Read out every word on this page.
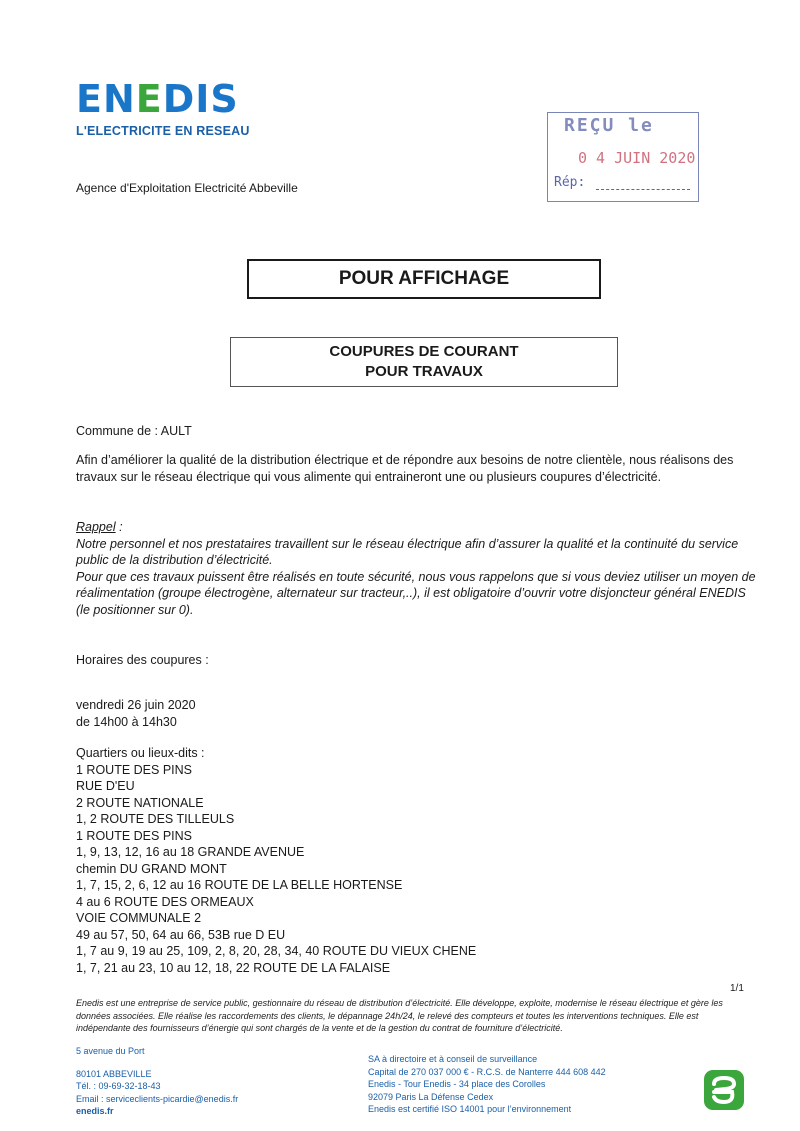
ENEDIS
L'ELECTRICITE EN RESEAU
Agence d'Exploitation Electricité Abbeville
REÇU le
0 4 JUIN 2020
Rép:
POUR AFFICHAGE
COUPURES DE COURANT
POUR TRAVAUX
Commune de : AULT
Afin d’améliorer la qualité de la distribution électrique et de répondre aux besoins de notre clientèle, nous réalisons des travaux sur le réseau électrique qui vous alimente qui entraineront une ou plusieurs coupures d’électricité.
Rappel :
Notre personnel et nos prestataires travaillent sur le réseau électrique afin d’assurer la qualité et la continuité du service public de la distribution d’électricité.
Pour que ces travaux puissent être réalisés en toute sécurité, nous vous rappelons que si vous deviez utiliser un moyen de réalimentation (groupe électrogène, alternateur sur tracteur,..), il est obligatoire d’ouvrir votre disjoncteur général ENEDIS (le positionner sur 0).
Horaires des coupures :
vendredi 26 juin 2020
de 14h00 à 14h30
Quartiers ou lieux-dits :
1 ROUTE DES PINS
RUE D'EU
2 ROUTE NATIONALE
1, 2 ROUTE DES TILLEULS
1 ROUTE DES PINS
1, 9, 13, 12, 16 au 18 GRANDE AVENUE
chemin DU GRAND MONT
1, 7, 15, 2, 6, 12 au 16 ROUTE DE LA BELLE HORTENSE
4 au 6 ROUTE DES ORMEAUX
VOIE COMMUNALE 2
49 au 57, 50, 64 au 66, 53B rue D EU
1, 7 au 9, 19 au 25, 109, 2, 8, 20, 28, 34, 40 ROUTE DU VIEUX CHENE
1, 7, 21 au 23, 10 au 12, 18, 22 ROUTE DE LA FALAISE
1/1
Enedis est une entreprise de service public, gestionnaire du réseau de distribution d’électricité. Elle développe, exploite, modernise le réseau électrique et gère les données associées. Elle réalise les raccordements des clients, le dépannage 24h/24, le relevé des compteurs et toutes les interventions techniques. Elle est indépendante des fournisseurs d’énergie qui sont chargés de la vente et de la gestion du contrat de fourniture d’électricité.
5 avenue du Port
80101 ABBEVILLE
Tél. : 09-69-32-18-43
Email : serviceclients-picardie@enedis.fr
enedis.fr
SA à directoire et à conseil de surveillance
Capital de 270 037 000 € - R.C.S. de Nanterre 444 608 442
Enedis - Tour Enedis - 34 place des Corolles
92079 Paris La Défense Cedex
Enedis est certifié ISO 14001 pour l’environnement
